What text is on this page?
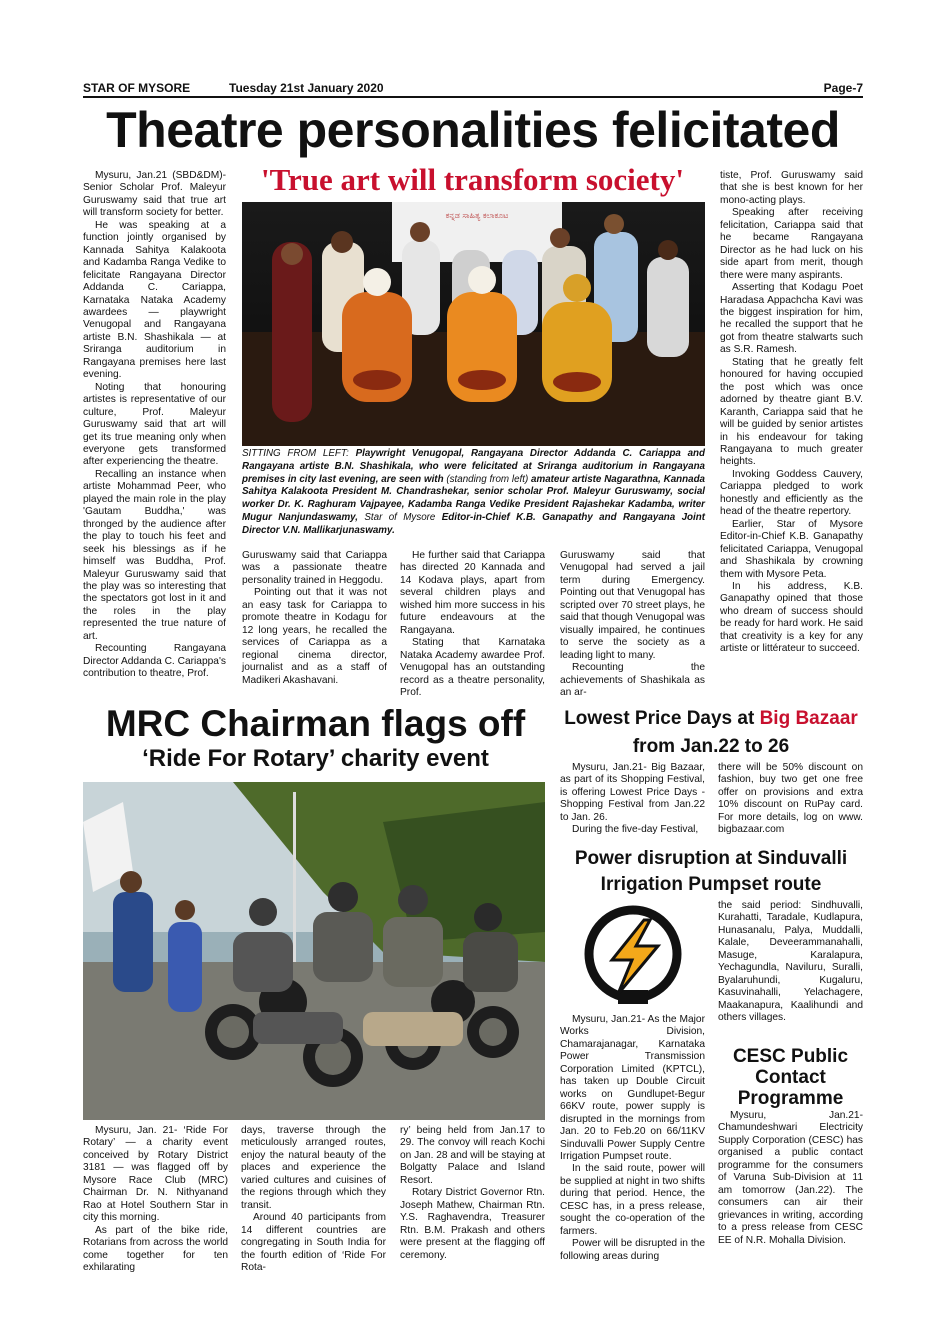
STAR OF MYSORE	Tuesday 21st January 2020	Page-7
Theatre personalities felicitated
'True art will transform society'

Mysuru, Jan.21 (SBD&DM)- Senior Scholar Prof. Maleyur Guruswamy said that true art will transform society for better.

He was speaking at a function jointly organised by Kannada Sahitya Kalakoota and Kadamba Ranga Vedike to felicitate Rangayana Director Addanda C. Cariappa, Karnataka Nataka Academy awardees — playwright Venugopal and Rangayana artiste B.N. Shashikala — at Sriranga auditorium in Rangayana premises here last evening.

Noting that honouring artistes is representative of our culture, Prof. Maleyur Guruswamy said that art will get its true meaning only when everyone gets transformed after experiencing the theatre.

Recalling an instance when artiste Mohammad Peer, who played the main role in the play 'Gautam Buddha,' was thronged by the audience after the play to touch his feet and seek his blessings as if he himself was Buddha, Prof. Maleyur Guruswamy said that the play was so interesting that the spectators got lost in it and the roles in the play represented the true nature of art.

Recounting Rangayana Director Addanda C. Cariappa's contribution to theatre, Prof.

ಕನ್ನಡ ಸಾಹಿತ್ಯ ಕಲಾಕೂಟ
SITTING FROM LEFT: Playwright Venugopal, Rangayana Director Addanda C. Cariappa and Rangayana artiste B.N. Shashikala, who were felicitated at Sriranga auditorium in Rangayana premises in city last evening, are seen with (standing from left) amateur artiste Nagarathna, Kannada Sahitya Kalakoota President M. Chandrashekar, senior scholar Prof. Maleyur Guruswamy, social worker Dr. K. Raghuram Vajpayee, Kadamba Ranga Vedike President Rajashekar Kadamba, writer Mugur Nanjundaswamy, Star of Mysore Editor-in-Chief K.B. Ganapathy and Rangayana Joint Director V.N. Mallikarjunaswamy.

Guruswamy said that Cariappa was a passionate theatre personality trained in Heggodu.

Pointing out that it was not an easy task for Cariappa to promote theatre in Kodagu for 12 long years, he recalled the services of Cariappa as a regional cinema director, journalist and as a staff of Madikeri Akashavani.

He further said that Cariappa has directed 20 Kannada and 14 Kodava plays, apart from several children plays and wished him more success in his future endeavours at the Rangayana.

Stating that Karnataka Nataka Academy awardee Prof. Venugopal has an outstanding record as a theatre personality, Prof.

Guruswamy said that Venugopal had served a jail term during Emergency. Pointing out that Venugopal has scripted over 70 street plays, he said that though Venugopal was visually impaired, he continues to serve the society as a leading light to many.

Recounting the achievements of Shashikala as an ar-

tiste, Prof. Guruswamy said that she is best known for her mono-acting plays.

Speaking after receiving felicitation, Cariappa said that he became Rangayana Director as he had luck on his side apart from merit, though there were many aspirants.

Asserting that Kodagu Poet Haradasa Appachcha Kavi was the biggest inspiration for him, he recalled the support that he got from theatre stalwarts such as S.R. Ramesh.

Stating that he greatly felt honoured for having occupied the post which was once adorned by theatre giant B.V. Karanth, Cariappa said that he will be guided by senior artistes in his endeavour for taking Rangayana to much greater heights.

Invoking Goddess Cauvery, Cariappa pledged to work honestly and efficiently as the head of the theatre repertory.

Earlier, Star of Mysore Editor-in-Chief K.B. Ganapathy felicitated Cariappa, Venugopal and Shashikala by crowning them with Mysore Peta.

In his address, K.B. Ganapathy opined that those who dream of success should be ready for hard work. He said that creativity is a key for any artiste or littérateur to succeed.

MRC Chairman flags off
‘Ride For Rotary’ charity event

Mysuru, Jan. 21- ‘Ride For Rotary’ — a charity event conceived by Rotary District 3181 — was flagged off by Mysore Race Club (MRC) Chairman Dr. N. Nithyanand Rao at Hotel Southern Star in city this morning.

As part of the bike ride, Rotarians from across the world come together for ten exhilarating

days, traverse through the meticulously arranged routes, enjoy the natural beauty of the places and experience the varied cultures and cuisines of the regions through which they transit.

Around 40 participants from 14 different countries are congregating in South India for the fourth edition of ‘Ride For Rota-

ry’ being held from Jan.17 to 29. The convoy will reach Kochi on Jan. 28 and will be staying at Bolgatty Palace and Island Resort.

Rotary District Governor Rtn. Joseph Mathew, Chairman Rtn. Y.S. Raghavendra, Treasurer Rtn. B.M. Prakash and others were present at the flagging off ceremony.

Lowest Price Days at Big Bazaar
from Jan.22 to 26

Mysuru, Jan.21- Big Bazaar, as part of its Shopping Festival, is offering Lowest Price Days - Shopping Festival from Jan.22 to Jan. 26.

During the five-day Festival,

there will be 50% discount on fashion, buy two get one free offer on provisions and extra 10% discount on RuPay card. For more details, log on www. bigbazaar.com

Power disruption at Sinduvalli
Irrigation Pumpset route

Mysuru, Jan.21- As the Major Works Division, Chamarajanagar, Karnataka Power Transmission Corporation Limited (KPTCL), has taken up Double Circuit works on Gundlupet-Begur 66KV route, power supply is disrupted in the mornings from Jan. 20 to Feb.20 on 66/11KV Sinduvalli Power Supply Centre Irrigation Pumpset route.

In the said route, power will be supplied at night in two shifts during that period. Hence, the CESC has, in a press release, sought the co-operation of the farmers.

Power will be disrupted in the following areas during

the said period: Sindhuvalli, Kurahatti, Taradale, Kudlapura, Hunasanalu, Palya, Muddalli, Kalale, Deveerammanahalli, Masuge, Karalapura, Yechagundla, Naviluru, Suralli, Byalaruhundi, Kugaluru, Kasuvinahalli, Yelachagere, Maakanapura, Kaalihundi and others villages.

CESC Public Contact Programme

Mysuru, Jan.21- Chamundeshwari Electricity Supply Corporation (CESC) has organised a public contact programme for the consumers of Varuna Sub-Division at 11 am tomorrow (Jan.22). The consumers can air their grievances in writing, according to a press release from CESC EE of N.R. Mohalla Division.
